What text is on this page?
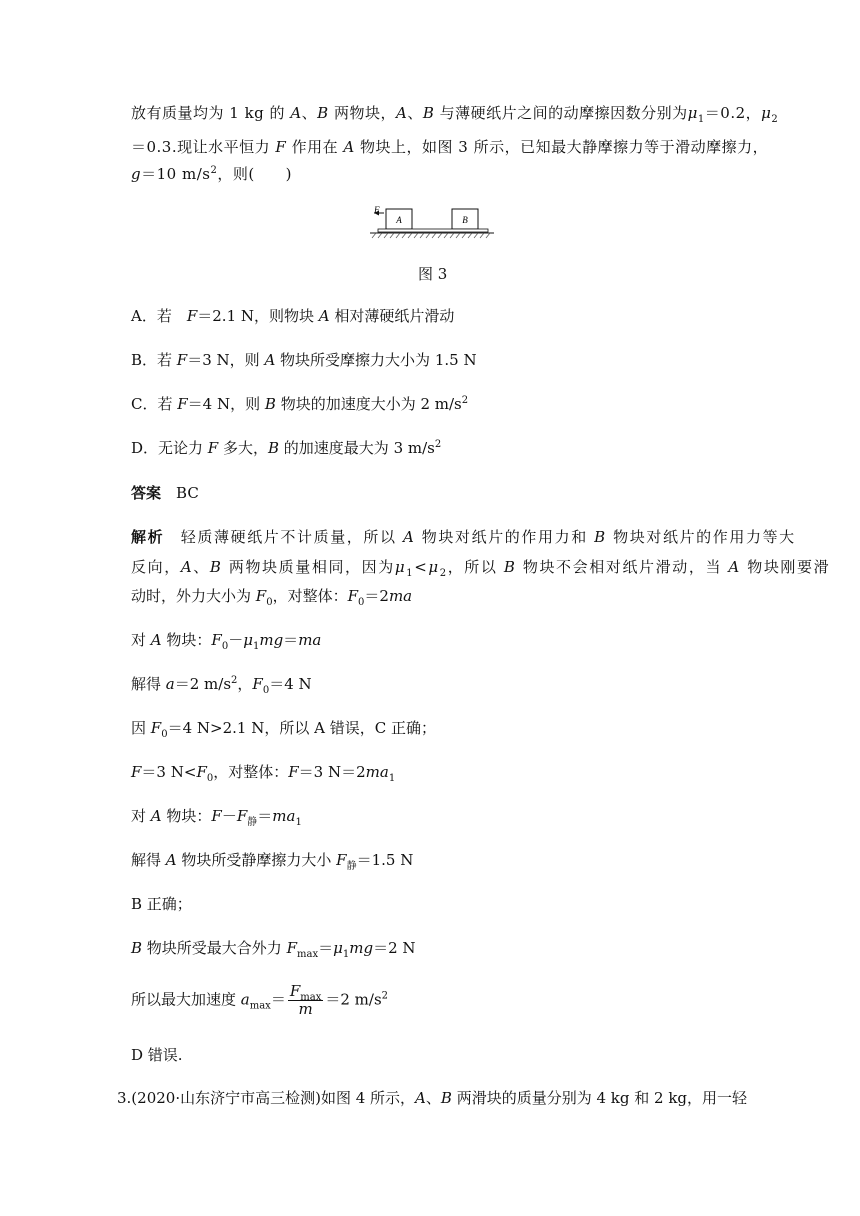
放有质量均为 1 kg 的 A、B 两物块，A、B 与薄硬纸片之间的动摩擦因数分别为$\mu_1=0.2$，$\mu_2$
＝0.3.现让水平恒力 F 作用在 A 物块上，如图 3 所示，已知最大静摩擦力等于滑动摩擦力，
g＝10 $m/s^2$，则(　　)
F
A	B
图 3
A．若　F＝2.1 N，则物块 A 相对薄硬纸片滑动
B．若 F＝3 N，则 A 物块所受摩擦力大小为 1.5 N
C．若 F＝4 N，则 B 物块的加速度大小为 2 $m/s^2$
D．无论力 F 多大，B 的加速度最大为 3 $m/s^2$
答案　 BC
解析　轻质薄硬纸片不计质量，所以 A 物块对纸片的作用力和 B 物块对纸片的作用力等大
反向，A、B 两物块质量相同，因为$\mu_1<\mu_2$，所以 B 物块不会相对纸片滑动，当 A 物块刚要滑
动时，外力大小为 $F_0$，对整体：$F_0=2ma$
对 A 物块：$F_0-\mu_1mg=ma$
解得 a＝2 $m/s^2$，$F_0=4$ N
因 $F_0=4$ N>2.1 N，所以 A 错误，C 正确；
F＝3 $N<F_0$，对整体：F＝3 $N=2ma_1$
对 A 物块：$F-F_静=ma_1$
解得 A 物块所受静摩擦力大小 $F_静=1.5$ N
B 正确；
B 物块所受最大合外力 $F_{max}=\mu_1mg=2$ N
所以最大加速度 $a_{max}= \frac{F_{max}}{m} =2$ $m/s^2$
D 错误.
3.(2020·山东济宁市高三检测)如图 4 所示，A、B 两滑块的质量分别为 4 kg 和 2 kg，用一轻
